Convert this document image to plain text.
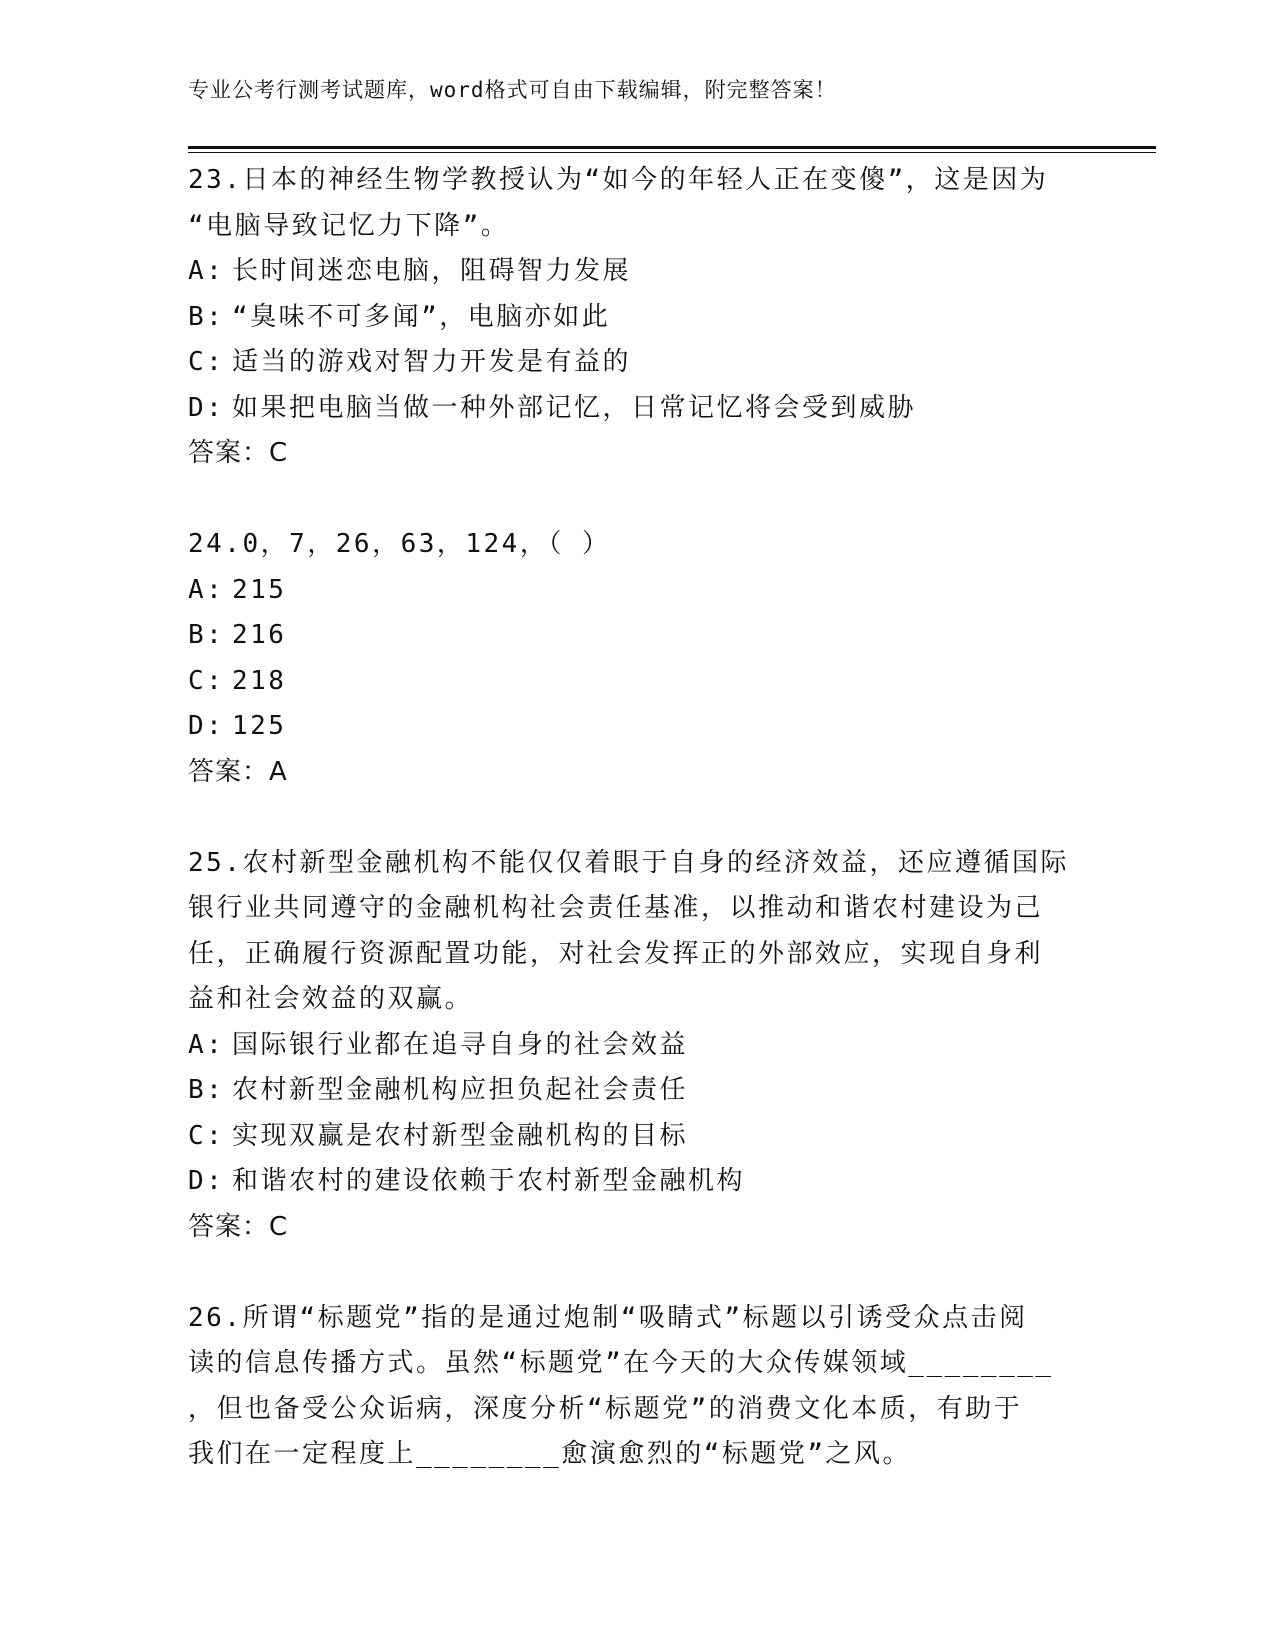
专业公考行测考试题库，word格式可自由下载编辑，附完整答案！
23.日本的神经生物学教授认为“如今的年轻人正在变傻”，这是因为
“电脑导致记忆力下降”。
A: 长时间迷恋电脑，阻碍智力发展
B: “臭味不可多闻”，电脑亦如此
C: 适当的游戏对智力开发是有益的
D: 如果把电脑当做一种外部记忆，日常记忆将会受到威胁
答案：C
24.0，7，26，63，124，（ ）
A: 215
B: 216
C: 218
D: 125
答案：A
25.农村新型金融机构不能仅仅着眼于自身的经济效益，还应遵循国际
银行业共同遵守的金融机构社会责任基准，以推动和谐农村建设为己
任，正确履行资源配置功能，对社会发挥正的外部效应，实现自身利
益和社会效益的双赢。
A: 国际银行业都在追寻自身的社会效益
B: 农村新型金融机构应担负起社会责任
C: 实现双赢是农村新型金融机构的目标
D: 和谐农村的建设依赖于农村新型金融机构
答案：C
26.所谓“标题党”指的是通过炮制“吸睛式”标题以引诱受众点击阅
读的信息传播方式。虽然“标题党”在今天的大众传媒领域________
，但也备受公众诟病，深度分析“标题党”的消费文化本质，有助于
我们在一定程度上________愈演愈烈的“标题党”之风。
